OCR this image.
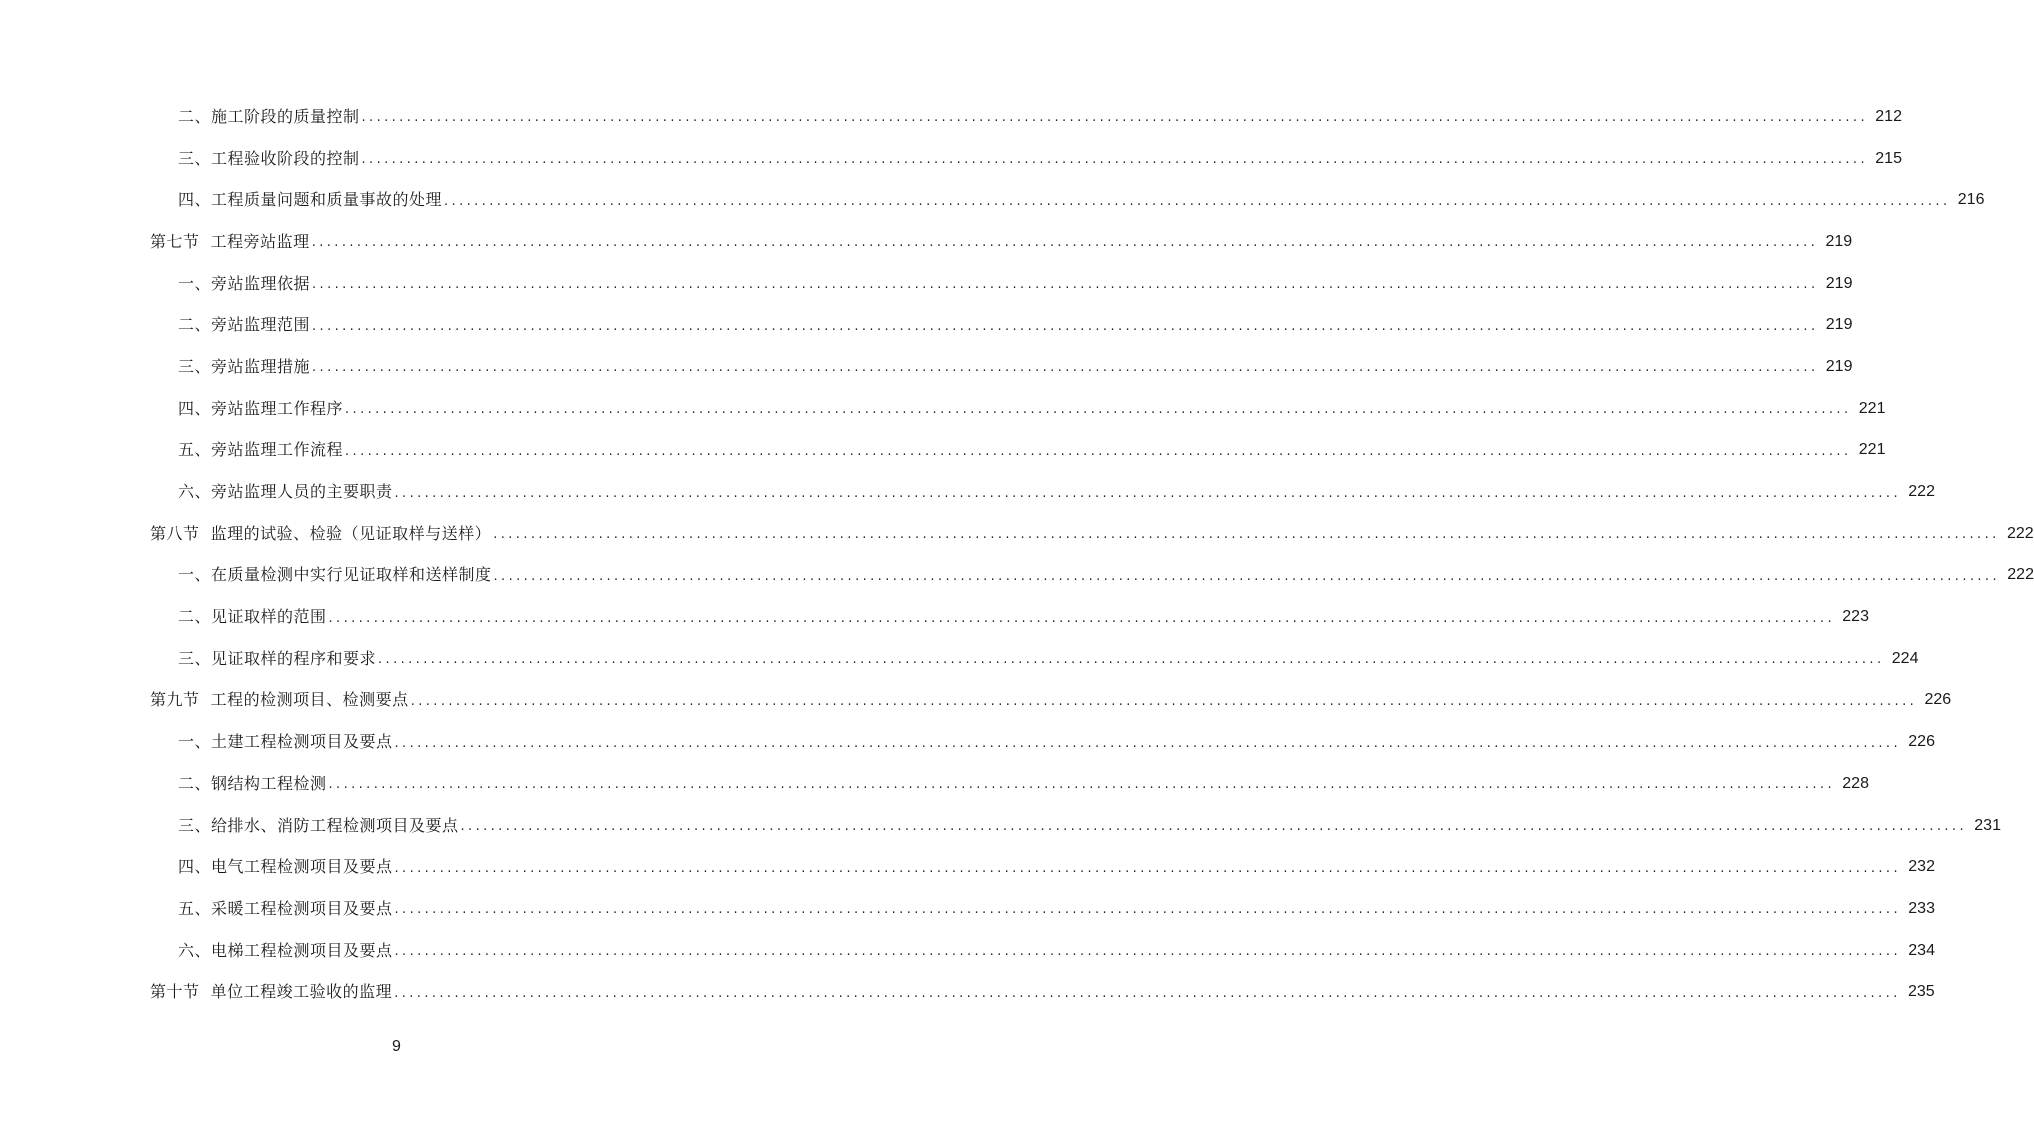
二、施工阶段的质量控制 ........................................................................................................................................................................................................ 212
三、工程验收阶段的控制 ........................................................................................................................................................................................................ 215
四、工程质量问题和质量事故的处理 ........................................................................................................................................................................................................ 216
第七节  工程旁站监理 ........................................................................................................................................................................................................ 219
一、旁站监理依据 ........................................................................................................................................................................................................ 219
二、旁站监理范围 ........................................................................................................................................................................................................ 219
三、旁站监理措施 ........................................................................................................................................................................................................ 219
四、旁站监理工作程序 ........................................................................................................................................................................................................ 221
五、旁站监理工作流程 ........................................................................................................................................................................................................ 221
六、旁站监理人员的主要职责 ........................................................................................................................................................................................................ 222
第八节  监理的试验、检验（见证取样与送样） ........................................................................................................................................................................................................ 222
一、在质量检测中实行见证取样和送样制度 ........................................................................................................................................................................................................ 222
二、见证取样的范围 ........................................................................................................................................................................................................ 223
三、见证取样的程序和要求 ........................................................................................................................................................................................................ 224
第九节  工程的检测项目、检测要点 ........................................................................................................................................................................................................ 226
一、土建工程检测项目及要点 ........................................................................................................................................................................................................ 226
二、钢结构工程检测 ........................................................................................................................................................................................................ 228
三、给排水、消防工程检测项目及要点 ........................................................................................................................................................................................................ 231
四、电气工程检测项目及要点 ........................................................................................................................................................................................................ 232
五、采暖工程检测项目及要点 ........................................................................................................................................................................................................ 233
六、电梯工程检测项目及要点 ........................................................................................................................................................................................................ 234
第十节  单位工程竣工验收的监理 ........................................................................................................................................................................................................ 235
9
